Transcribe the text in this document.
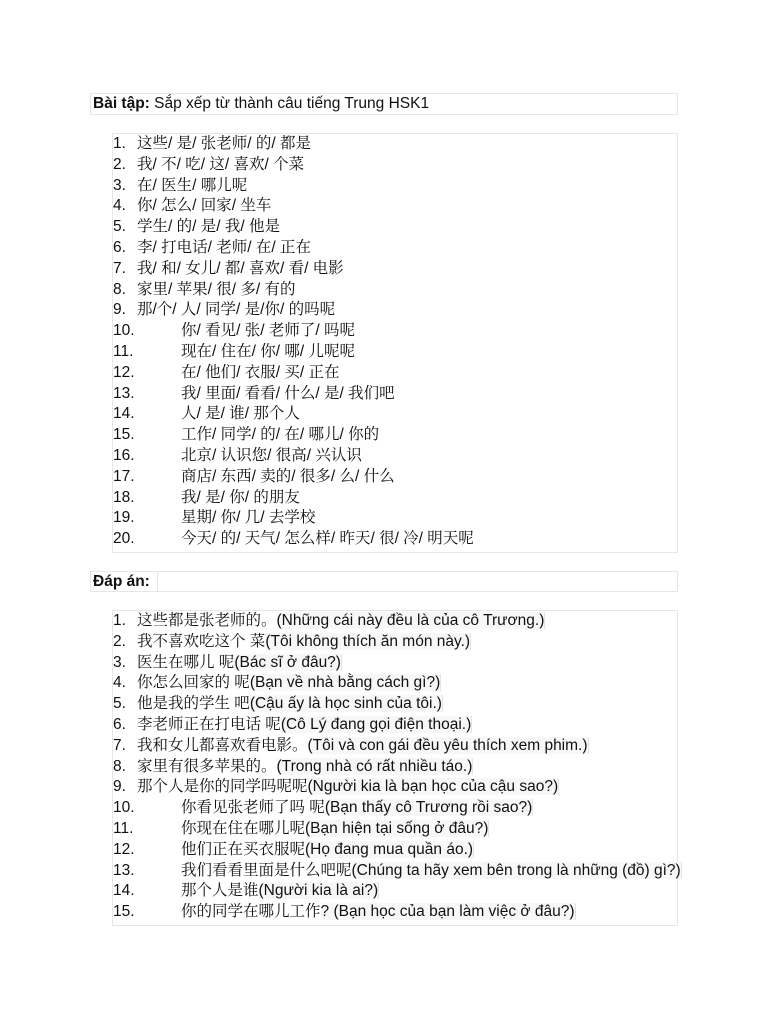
Bài tập: Sắp xếp từ thành câu tiếng Trung HSK1
1. 这些/ 是/ 张老师/ 的/ 都是
2. 我/ 不/ 吃/ 这/ 喜欢/ 个菜
3. 在/ 医生/ 哪儿呢
4. 你/ 怎么/ 回家/ 坐车
5. 学生/ 的/ 是/ 我/ 他是
6. 李/ 打电话/ 老师/ 在/ 正在
7. 我/ 和/ 女儿/ 都/ 喜欢/ 看/ 电影
8. 家里/ 苹果/ 很/ 多/ 有的
9. 那/个/ 人/ 同学/ 是/你/ 的吗呢
10.	你/ 看见/ 张/ 老师了/ 吗呢
11.	现在/ 住在/ 你/ 哪/ 儿呢呢
12.	在/ 他们/ 衣服/ 买/ 正在
13.	我/ 里面/ 看看/ 什么/ 是/ 我们吧
14.	人/ 是/ 谁/ 那个人
15.	工作/ 同学/ 的/ 在/ 哪儿/ 你的
16.	北京/ 认识您/ 很高/ 兴认识
17.	商店/ 东西/ 卖的/ 很多/ 么/ 什么
18.	我/ 是/ 你/ 的朋友
19.	星期/ 你/ 几/ 去学校
20.	今天/ 的/ 天气/ 怎么样/ 昨天/ 很/ 冷/ 明天呢
Đáp án:
1. 这些都是张老师的。(Những cái này đều là của cô Trương.)
2. 我不喜欢吃这个 菜(Tôi không thích ăn món này.)
3. 医生在哪儿 呢(Bác sĩ ở đâu?)
4. 你怎么回家的 呢(Bạn về nhà bằng cách gì?)
5. 他是我的学生 吧(Cậu ấy là học sinh của tôi.)
6. 李老师正在打电话 呢(Cô Lý đang gọi điện thoại.)
7. 我和女儿都喜欢看电影。(Tôi và con gái đều yêu thích xem phim.)
8. 家里有很多苹果的。(Trong nhà có rất nhiều táo.)
9. 那个人是你的同学吗呢呢(Người kia là bạn học của cậu sao?)
10.	你看见张老师了吗 呢(Bạn thấy cô Trương rồi sao?)
11.	你现在住在哪儿呢(Bạn hiện tại sống ở đâu?)
12.	他们正在买衣服呢(Họ đang mua quần áo.)
13.	我们看看里面是什么吧呢(Chúng ta hãy xem bên trong là những (đồ) gì?)
14.	那个人是谁(Người kia là ai?)
15.	你的同学在哪儿工作? (Bạn học của bạn làm việc ở đâu?)
